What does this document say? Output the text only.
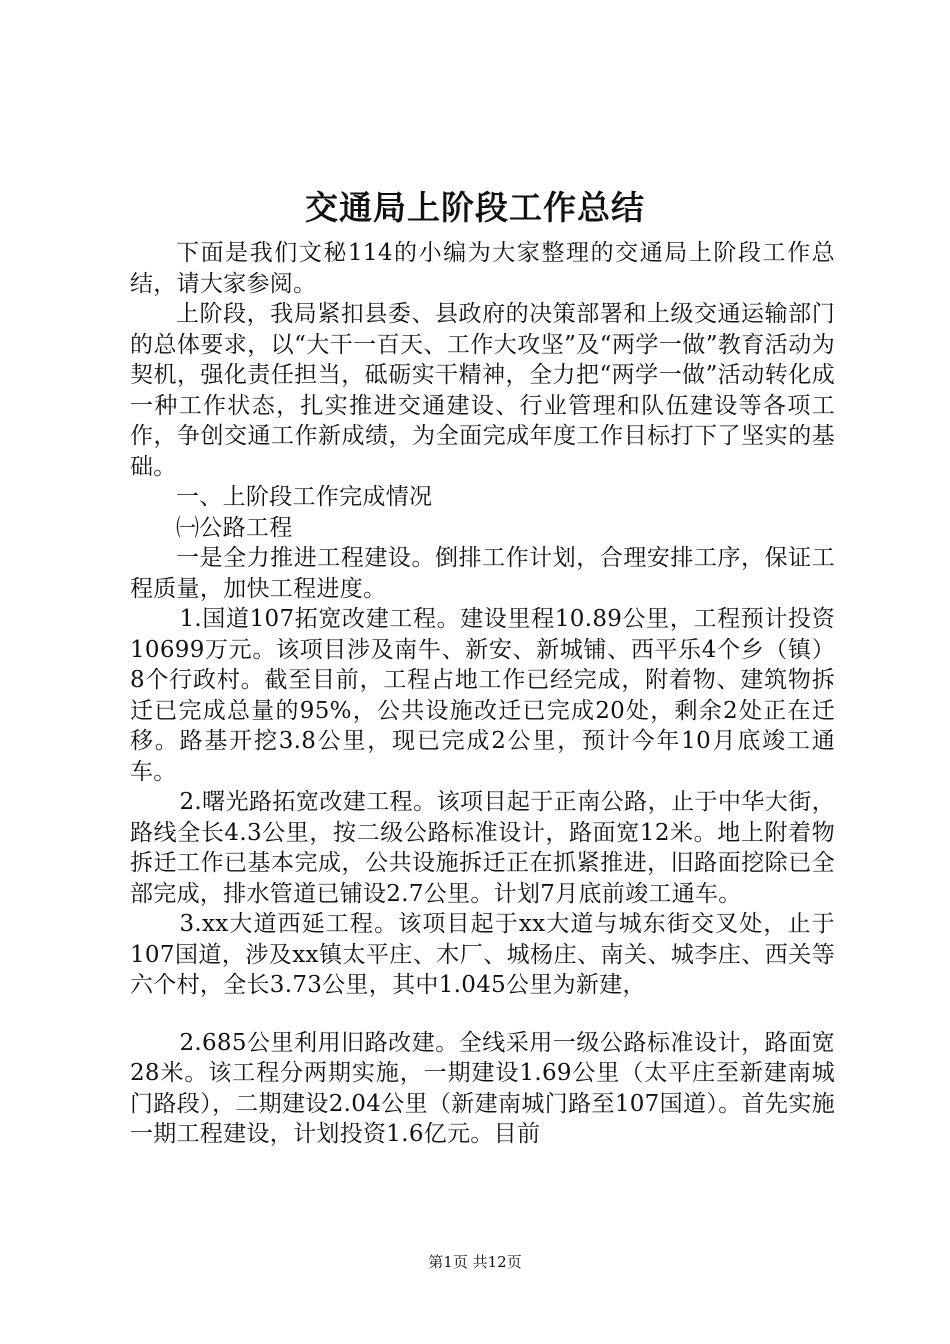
交通局上阶段工作总结

下面是我们文秘114的小编为大家整理的交通局上阶段工作总结，请大家参阅。

上阶段，我局紧扣县委、县政府的决策部署和上级交通运输部门的总体要求，以“大干一百天、工作大攻坚”及“两学一做”教育活动为契机，强化责任担当，砥砺实干精神，全力把“两学一做”活动转化成一种工作状态，扎实推进交通建设、行业管理和队伍建设等各项工作，争创交通工作新成绩，为全面完成年度工作目标打下了坚实的基础。

一、上阶段工作完成情况

㈠公路工程

一是全力推进工程建设。倒排工作计划，合理安排工序，保证工程质量，加快工程进度。

1.国道107拓宽改建工程。建设里程10.89公里，工程预计投资10699万元。该项目涉及南牛、新安、新城铺、西平乐4个乡（镇）8个行政村。截至目前，工程占地工作已经完成，附着物、建筑物拆迁已完成总量的95%，公共设施改迁已完成20处，剩余2处正在迁移。路基开挖3.8公里，现已完成2公里，预计今年10月底竣工通车。

2.曙光路拓宽改建工程。该项目起于正南公路，止于中华大街，路线全长4.3公里，按二级公路标准设计，路面宽12米。地上附着物拆迁工作已基本完成，公共设施拆迁正在抓紧推进，旧路面挖除已全部完成，排水管道已铺设2.7公里。计划7月底前竣工通车。

3.xx大道西延工程。该项目起于xx大道与城东街交叉处，止于107国道，涉及xx镇太平庄、木厂、城杨庄、南关、城李庄、西关等六个村，全长3.73公里，其中1.045公里为新建，

2.685公里利用旧路改建。全线采用一级公路标准设计，路面宽28米。该工程分两期实施，一期建设1.69公里（太平庄至新建南城门路段），二期建设2.04公里（新建南城门路至107国道）。首先实施一期工程建设，计划投资1.6亿元。目前

第1页 共12页
